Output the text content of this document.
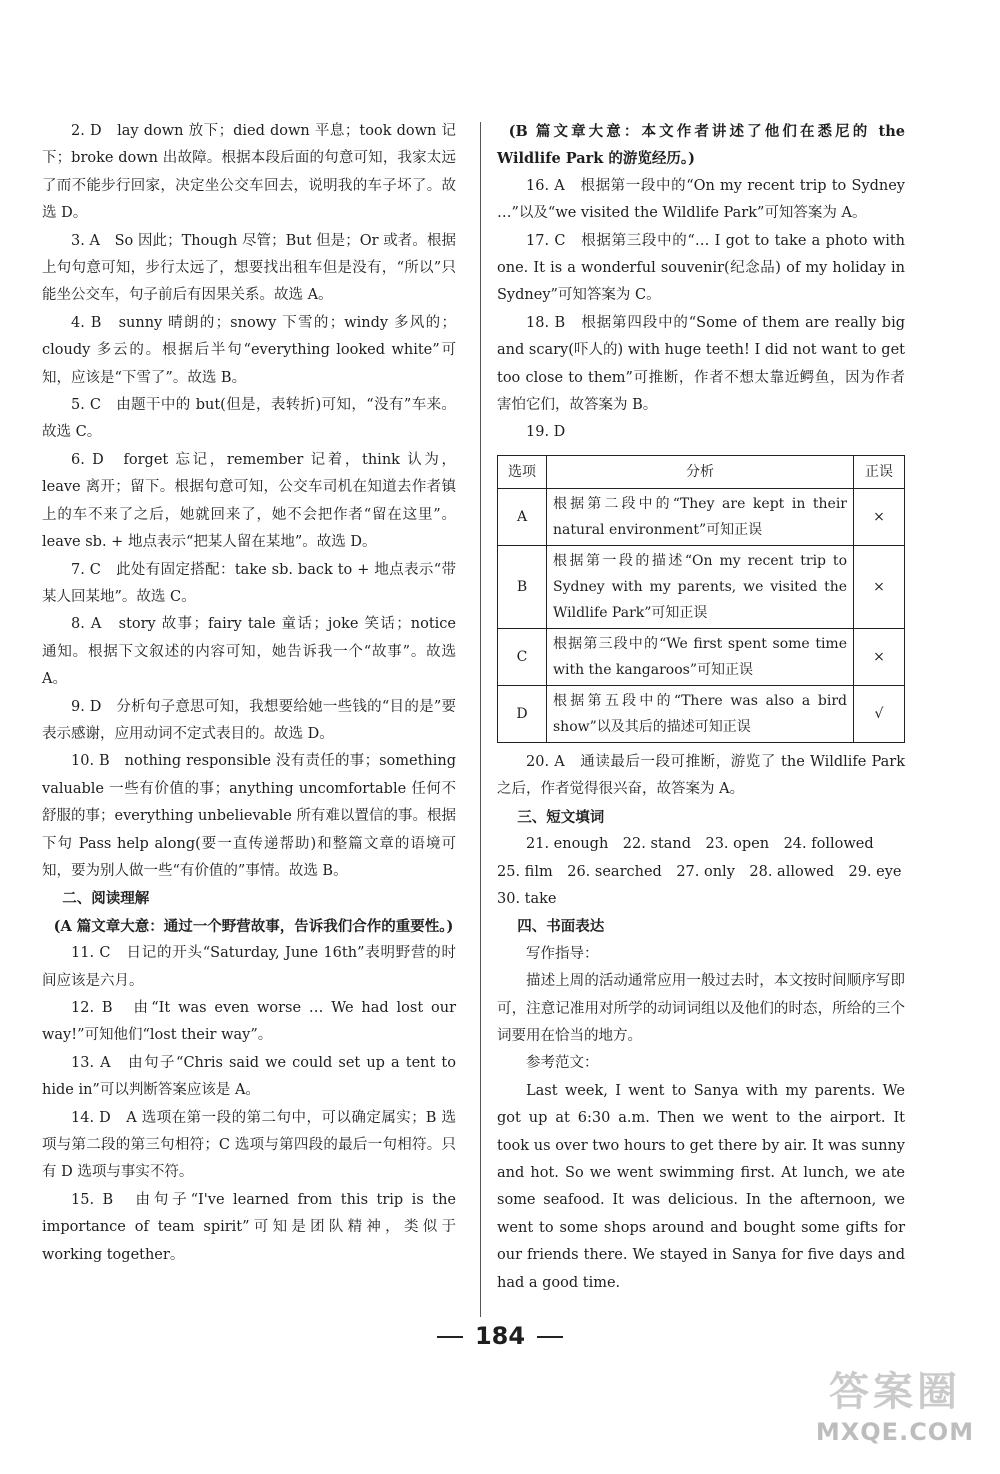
2. D　lay down 放下；died down 平息；took down 记下；broke down 出故障。根据本段后面的句意可知，我家太远了而不能步行回家，决定坐公交车回去，说明我的车子坏了。故选 D。

3. A　So 因此；Though 尽管；But 但是；Or 或者。根据上句句意可知，步行太远了，想要找出租车但是没有，“所以”只能坐公交车，句子前后有因果关系。故选 A。

4. B　sunny 晴朗的；snowy 下雪的；windy 多风的；cloudy 多云的。根据后半句“everything looked white”可知，应该是“下雪了”。故选 B。

5. C　由题干中的 but(但是，表转折)可知，“没有”车来。故选 C。

6. D　forget 忘记，remember 记着，think 认为，leave 离开；留下。根据句意可知，公交车司机在知道去作者镇上的车不来了之后，她就回来了，她不会把作者“留在这里”。leave sb. + 地点表示“把某人留在某地”。故选 D。

7. C　此处有固定搭配：take sb. back to + 地点表示“带某人回某地”。故选 C。

8. A　story 故事；fairy tale 童话；joke 笑话；notice 通知。根据下文叙述的内容可知，她告诉我一个“故事”。故选 A。

9. D　分析句子意思可知，我想要给她一些钱的“目的是”要表示感谢，应用动词不定式表目的。故选 D。

10. B　nothing responsible 没有责任的事；something valuable 一些有价值的事；anything uncomfortable 任何不舒服的事；everything unbelievable 所有难以置信的事。根据下句 Pass help along(要一直传递帮助)和整篇文章的语境可知，要为别人做一些“有价值的”事情。故选 B。

二、阅读理解

(A 篇文章大意：通过一个野营故事，告诉我们合作的重要性。)

11. C　日记的开头“Saturday, June 16th”表明野营的时间应该是六月。

12. B　由“It was even worse … We had lost our way!”可知他们“lost their way”。

13. A　由句子“Chris said we could set up a tent to hide in”可以判断答案应该是 A。

14. D　A 选项在第一段的第二句中，可以确定属实；B 选项与第二段的第三句相符；C 选项与第四段的最后一句相符。只有 D 选项与事实不符。

15. B　由句子“I've learned from this trip is the importance of team spirit”可知是团队精神，类似于 working together。

(B 篇文章大意：本文作者讲述了他们在悉尼的 the Wildlife Park 的游览经历。)

16. A　根据第一段中的“On my recent trip to Sydney …”以及“we visited the Wildlife Park”可知答案为 A。

17. C　根据第三段中的“… I got to take a photo with one. It is a wonderful souvenir(纪念品) of my holiday in Sydney”可知答案为 C。

18. B　根据第四段中的“Some of them are really big and scary(吓人的) with huge teeth! I did not want to get too close to them”可推断，作者不想太靠近鳄鱼，因为作者害怕它们，故答案为 B。

19. D

选项	分析	正误
A	根据第二段中的“They are kept in their natural environment”可知正误	×
B	根据第一段的描述“On my recent trip to Sydney with my parents, we visited the Wildlife Park”可知正误	×
C	根据第三段中的“We first spent some time with the kangaroos”可知正误	×
D	根据第五段中的“There was also a bird show”以及其后的描述可知正误	√

20. A　通读最后一段可推断，游览了 the Wildlife Park 之后，作者觉得很兴奋，故答案为 A。

三、短文填词

21. enough　22. stand　23. open　24. followed

25. film　26. searched　27. only　28. allowed　29. eye

30. take

四、书面表达

写作指导：

描述上周的活动通常应用一般过去时，本文按时间顺序写即可，注意记准用对所学的动词词组以及他们的时态，所给的三个词要用在恰当的地方。

参考范文：

Last week, I went to Sanya with my parents. We got up at 6:30 a.m. Then we went to the airport. It took us over two hours to get there by air. It was sunny and hot. So we went swimming first. At lunch, we ate some seafood. It was delicious. In the afternoon, we went to some shops around and bought some gifts for our friends there. We stayed in Sanya for five days and had a good time.

184
答案圈
MXQE.COM
